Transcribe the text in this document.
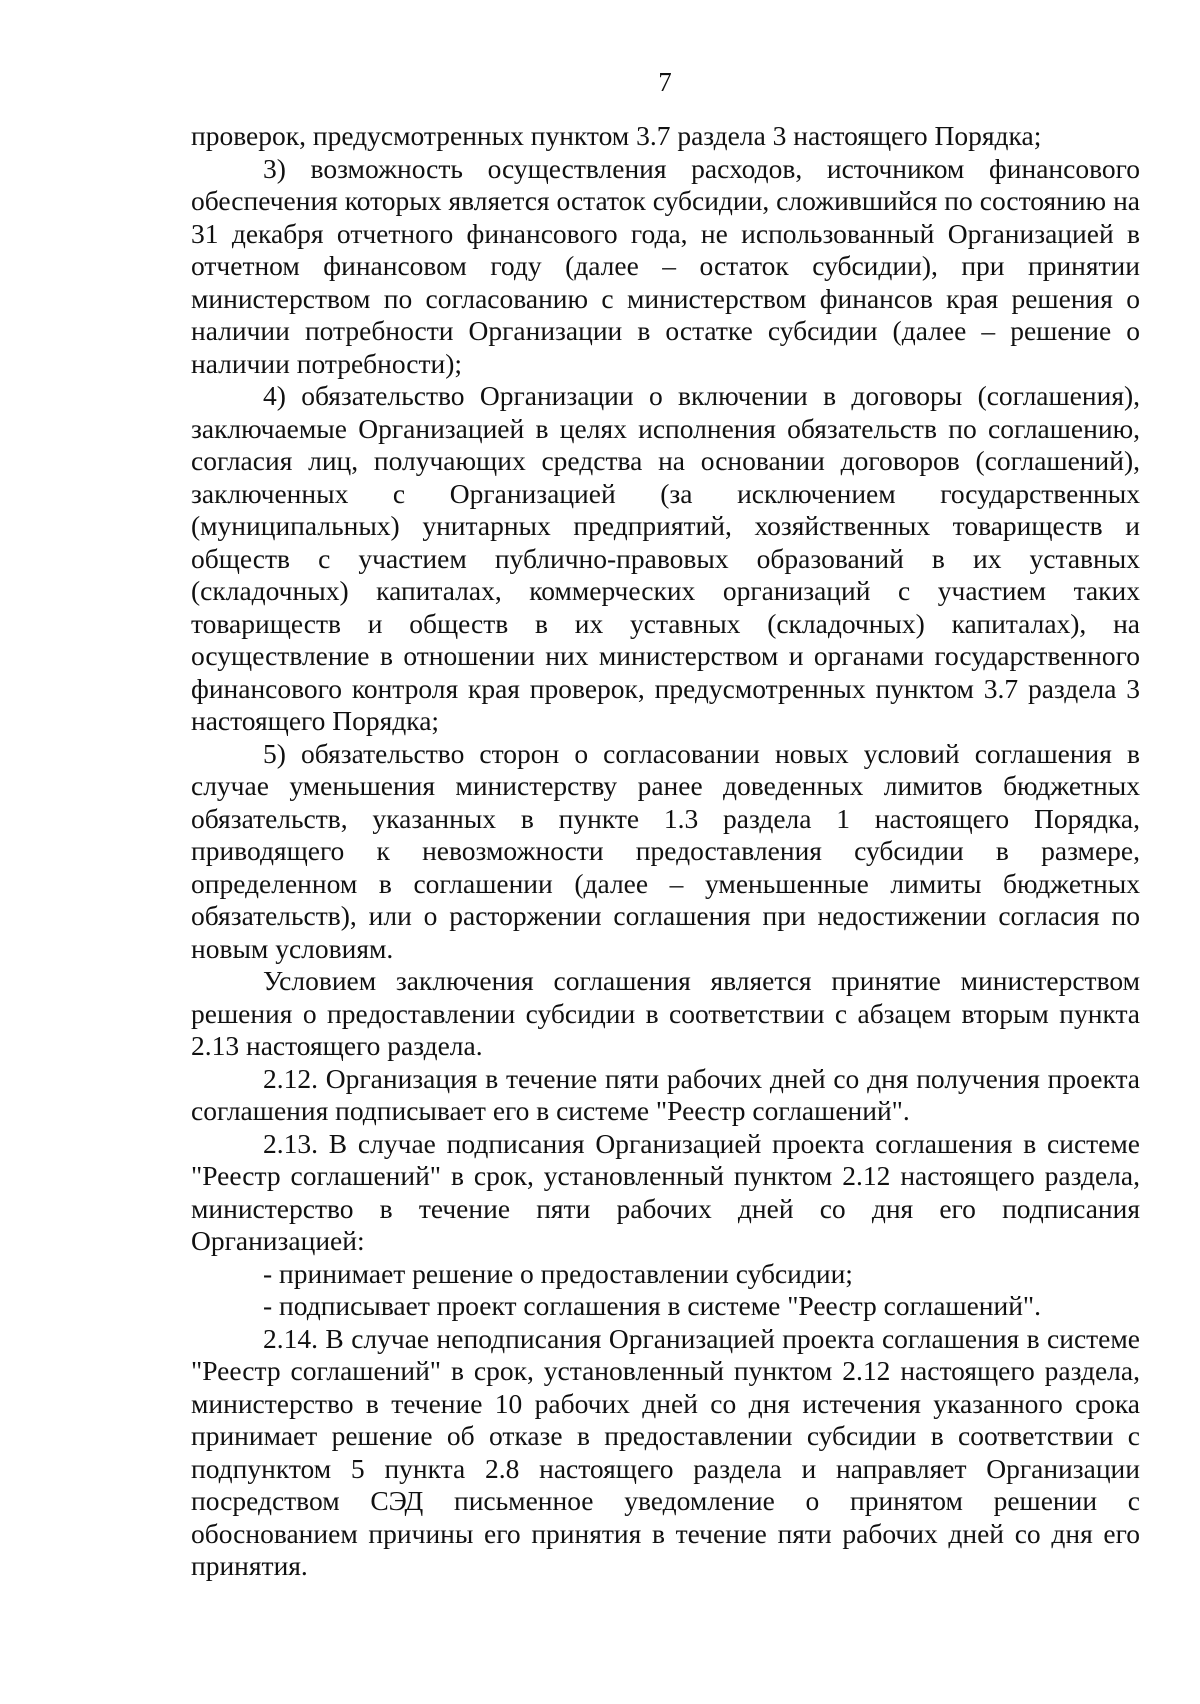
7

проверок, предусмотренных пунктом 3.7 раздела 3 настоящего Порядка;

3) возможность осуществления расходов, источником финансового обеспечения которых является остаток субсидии, сложившийся по состоянию на 31 декабря отчетного финансового года, не использованный Организацией в отчетном финансовом году (далее – остаток субсидии), при принятии министерством по согласованию с министерством финансов края решения о наличии потребности Организации в остатке субсидии (далее – решение о наличии потребности);

4) обязательство Организации о включении в договоры (соглашения), заключаемые Организацией в целях исполнения обязательств по соглашению, согласия лиц, получающих средства на основании договоров (соглашений), заключенных с Организацией (за исключением государственных (муниципальных) унитарных предприятий, хозяйственных товариществ и обществ с участием публично-правовых образований в их уставных (складочных) капиталах, коммерческих организаций с участием таких товариществ и обществ в их уставных (складочных) капиталах), на осуществление в отношении них министерством и органами государственного финансового контроля края проверок, предусмотренных пунктом 3.7 раздела 3 настоящего Порядка;

5) обязательство сторон о согласовании новых условий соглашения в случае уменьшения министерству ранее доведенных лимитов бюджетных обязательств, указанных в пункте 1.3 раздела 1 настоящего Порядка, приводящего к невозможности предоставления субсидии в размере, определенном в соглашении (далее – уменьшенные лимиты бюджетных обязательств), или о расторжении соглашения при недостижении согласия по новым условиям.

Условием заключения соглашения является принятие министерством решения о предоставлении субсидии в соответствии с абзацем вторым пункта 2.13 настоящего раздела.

2.12. Организация в течение пяти рабочих дней со дня получения проекта соглашения подписывает его в системе "Реестр соглашений".

2.13. В случае подписания Организацией проекта соглашения в системе "Реестр соглашений" в срок, установленный пунктом 2.12 настоящего раздела, министерство в течение пяти рабочих дней со дня его подписания Организацией:

- принимает решение о предоставлении субсидии;

- подписывает проект соглашения в системе "Реестр соглашений".

2.14. В случае неподписания Организацией проекта соглашения в системе "Реестр соглашений" в срок, установленный пунктом 2.12 настоящего раздела, министерство в течение 10 рабочих дней со дня истечения указанного срока принимает решение об отказе в предоставлении субсидии в соответствии с подпунктом 5 пункта 2.8 настоящего раздела и направляет Организации посредством СЭД письменное уведомление о принятом решении с обоснованием причины его принятия в течение пяти рабочих дней со дня его принятия.
